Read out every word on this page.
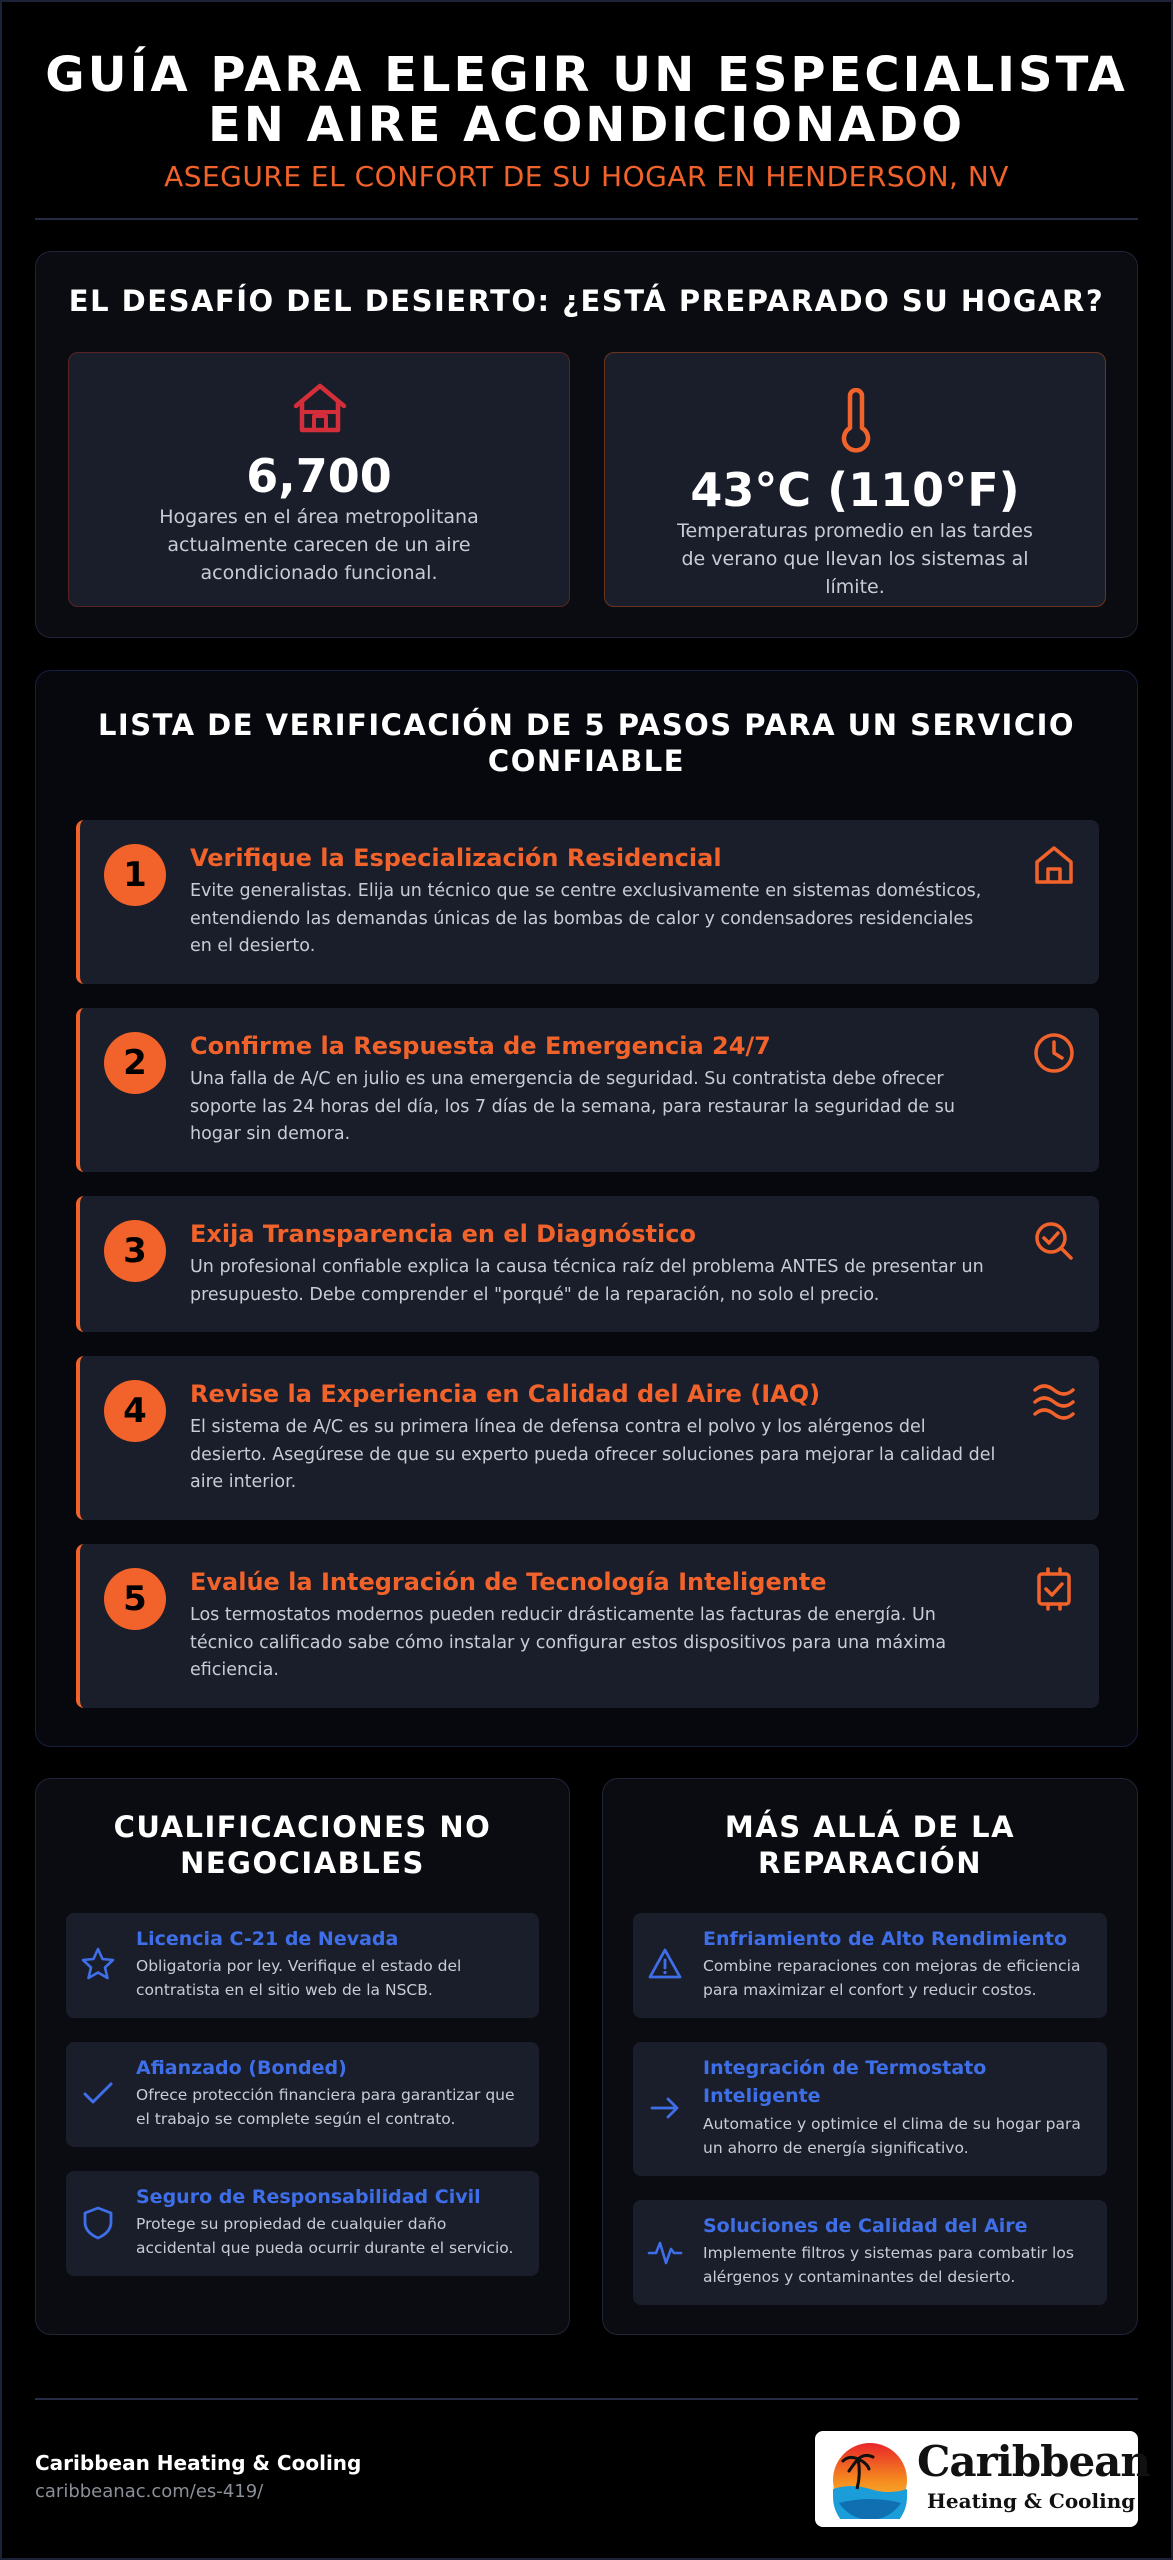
GUÍA PARA ELEGIR UN ESPECIALISTA
EN AIRE ACONDICIONADO
ASEGURE EL CONFORT DE SU HOGAR EN HENDERSON, NV
EL DESAFÍO DEL DESIERTO: ¿ESTÁ PREPARADO SU HOGAR?
6,700
Hogares en el área metropolitana actualmente carecen de un aire acondicionado funcional.
43°C (110°F)
Temperaturas promedio en las tardes de verano que llevan los sistemas al límite.
LISTA DE VERIFICACIÓN DE 5 PASOS PARA UN SERVICIO
CONFIABLE
1	Verifique la Especialización Residencial
Evite generalistas. Elija un técnico que se centre exclusivamente en sistemas domésticos, entendiendo las demandas únicas de las bombas de calor y condensadores residenciales en el desierto.
2	Confirme la Respuesta de Emergencia 24/7
Una falla de A/C en julio es una emergencia de seguridad. Su contratista debe ofrecer soporte las 24 horas del día, los 7 días de la semana, para restaurar la seguridad de su hogar sin demora.
3	Exija Transparencia en el Diagnóstico
Un profesional confiable explica la causa técnica raíz del problema ANTES de presentar un presupuesto. Debe comprender el "porqué" de la reparación, no solo el precio.
4	Revise la Experiencia en Calidad del Aire (IAQ)
El sistema de A/C es su primera línea de defensa contra el polvo y los alérgenos del desierto. Asegúrese de que su experto pueda ofrecer soluciones para mejorar la calidad del aire interior.
5	Evalúe la Integración de Tecnología Inteligente
Los termostatos modernos pueden reducir drásticamente las facturas de energía. Un técnico calificado sabe cómo instalar y configurar estos dispositivos para una máxima eficiencia.
CUALIFICACIONES NO
NEGOCIABLES
Licencia C-21 de Nevada
Obligatoria por ley. Verifique el estado del
contratista en el sitio web de la NSCB.
Afianzado (Bonded)
Ofrece protección financiera para garantizar que
el trabajo se complete según el contrato.
Seguro de Responsabilidad Civil
Protege su propiedad de cualquier daño
accidental que pueda ocurrir durante el servicio.
MÁS ALLÁ DE LA
REPARACIÓN
Enfriamiento de Alto Rendimiento
Combine reparaciones con mejoras de eficiencia
para maximizar el confort y reducir costos.
Integración de Termostato
Inteligente
Automatice y optimice el clima de su hogar para
un ahorro de energía significativo.
Soluciones de Calidad del Aire
Implemente filtros y sistemas para combatir los
alérgenos y contaminantes del desierto.
Caribbean Heating & Cooling
caribbeanac.com/es-419/
Caribbean
Heating & Cooling
